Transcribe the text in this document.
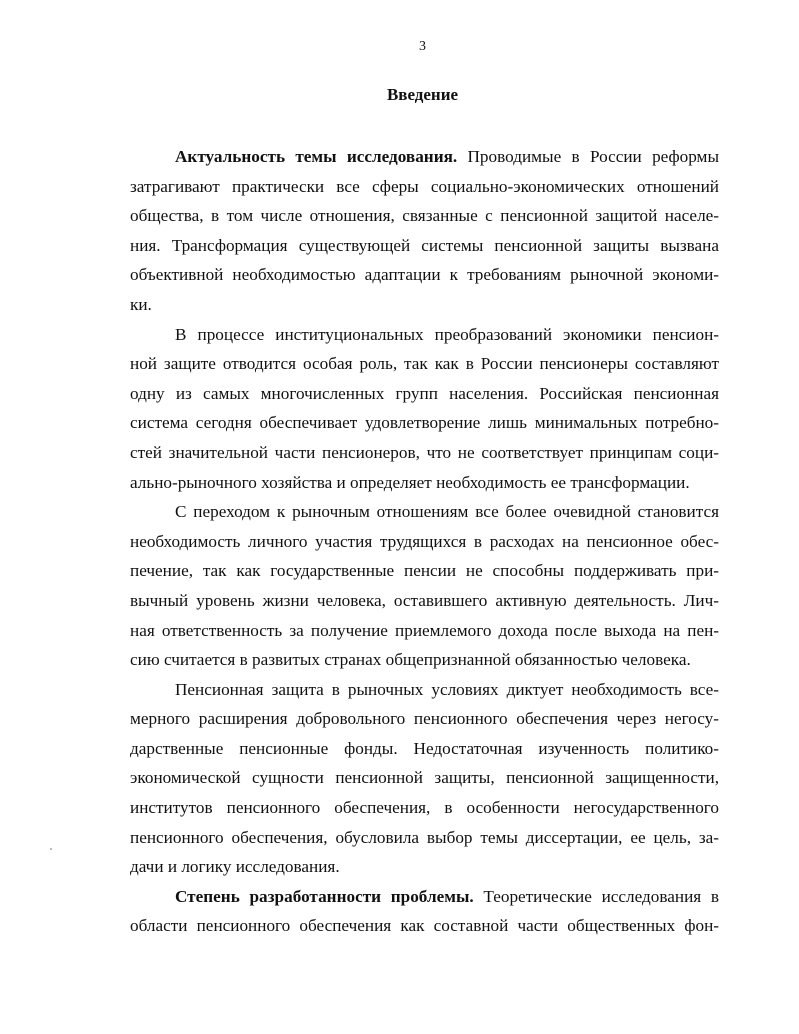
3
Введение
Актуальность темы исследования. Проводимые в России реформы
затрагивают практически все сферы социально-экономических отношений
общества, в том числе отношения, связанные с пенсионной защитой населе-
ния. Трансформация существующей системы пенсионной защиты вызвана
объективной необходимостью адаптации к требованиям рыночной экономи-
ки.
В процессе институциональных преобразований экономики пенсион-
ной защите отводится особая роль, так как в России пенсионеры составляют
одну из самых многочисленных групп населения. Российская пенсионная
система сегодня обеспечивает удовлетворение лишь минимальных потребно-
стей значительной части пенсионеров, что не соответствует принципам соци-
ально-рыночного хозяйства и определяет необходимость ее трансформации.
С переходом к рыночным отношениям все более очевидной становится
необходимость личного участия трудящихся в расходах на пенсионное обес-
печение, так как государственные пенсии не способны поддерживать при-
вычный уровень жизни человека, оставившего активную деятельность. Лич-
ная ответственность за получение приемлемого дохода после выхода на пен-
сию считается в развитых странах общепризнанной обязанностью человека.
Пенсионная защита в рыночных условиях диктует необходимость все-
мерного расширения добровольного пенсионного обеспечения через негосу-
дарственные пенсионные фонды. Недостаточная изученность политико-
экономической сущности пенсионной защиты, пенсионной защищенности,
институтов пенсионного обеспечения, в особенности негосударственного
пенсионного обеспечения, обусловила выбор темы диссертации, ее цель, за-
дачи и логику исследования.
Степень разработанности проблемы. Теоретические исследования в
области пенсионного обеспечения как составной части общественных фон-
